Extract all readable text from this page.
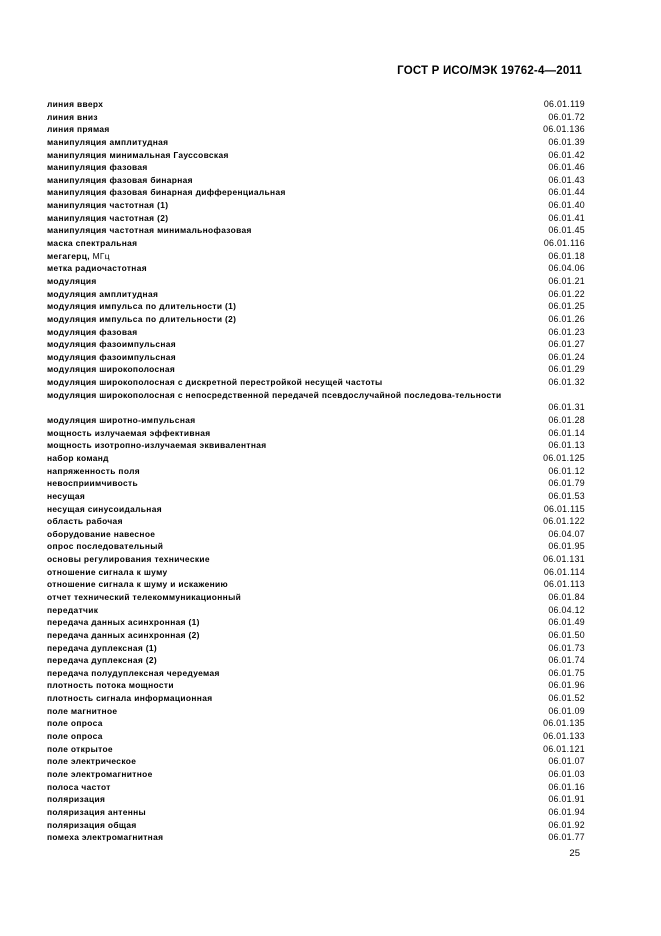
ГОСТ Р ИСО/МЭК 19762-4—2011
линия вверх	06.01.119
линия вниз	06.01.72
линия прямая	06.01.136
манипуляция амплитудная	06.01.39
манипуляция минимальная Гауссовская	06.01.42
манипуляция фазовая	06.01.46
манипуляция фазовая бинарная	06.01.43
манипуляция фазовая бинарная дифференциальная	06.01.44
манипуляция частотная (1)	06.01.40
манипуляция частотная (2)	06.01.41
манипуляция частотная минимальнофазовая	06.01.45
маска спектральная	06.01.116
мегагерц, МГц	06.01.18
метка радиочастотная	06.04.06
модуляция	06.01.21
модуляция амплитудная	06.01.22
модуляция импульса по длительности (1)	06.01.25
модуляция импульса по длительности (2)	06.01.26
модуляция фазовая	06.01.23
модуляция фазоимпульсная	06.01.27
модуляция фазоимпульсная	06.01.24
модуляция широкополосная	06.01.29
модуляция широкополосная с дискретной перестройкой несущей частоты	06.01.32
модуляция широкополосная с непосредственной передачей псевдослучайной последова-тельности
06.01.31
модуляция широтно-импульсная	06.01.28
мощность излучаемая эффективная	06.01.14
мощность изотропно-излучаемая эквивалентная	06.01.13
набор команд	06.01.125
напряженность поля	06.01.12
невосприимчивость	06.01.79
несущая	06.01.53
несущая синусоидальная	06.01.115
область рабочая	06.01.122
оборудование навесное	06.04.07
опрос последовательный	06.01.95
основы регулирования технические	06.01.131
отношение сигнала к шуму	06.01.114
отношение сигнала к шуму и искажению	06.01.113
отчет технический телекоммуникационный	06.01.84
передатчик	06.04.12
передача данных асинхронная (1)	06.01.49
передача данных асинхронная (2)	06.01.50
передача дуплексная (1)	06.01.73
передача дуплексная (2)	06.01.74
передача полудуплексная чередуемая	06.01.75
плотность потока мощности	06.01.96
плотность сигнала информационная	06.01.52
поле магнитное	06.01.09
поле опроса	06.01.135
поле опроса	06.01.133
поле открытое	06.01.121
поле электрическое	06.01.07
поле электромагнитное	06.01.03
полоса частот	06.01.16
поляризация	06.01.91
поляризация антенны	06.01.94
поляризация общая	06.01.92
помеха электромагнитная	06.01.77
25
